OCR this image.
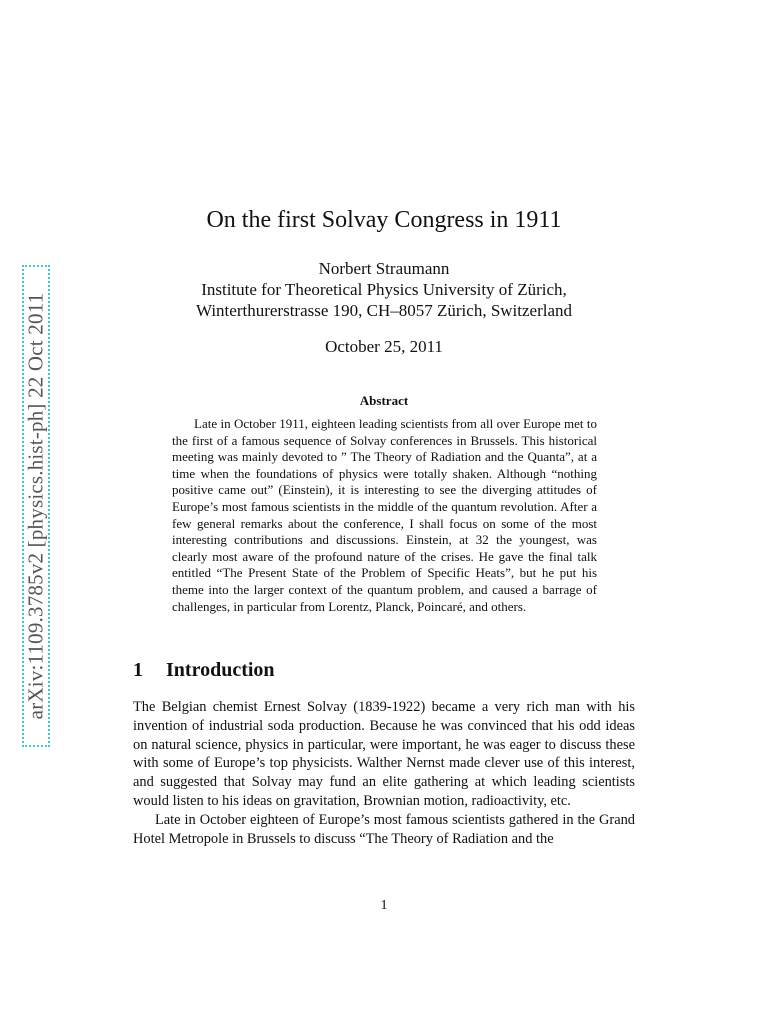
arXiv:1109.3785v2 [physics.hist-ph] 22 Oct 2011
On the first Solvay Congress in 1911
Norbert Straumann
Institute for Theoretical Physics University of Zürich,
Winterthurerstrasse 190, CH–8057 Zürich, Switzerland
October 25, 2011
Abstract
Late in October 1911, eighteen leading scientists from all over Europe met to the first of a famous sequence of Solvay conferences in Brussels. This historical meeting was mainly devoted to ” The Theory of Radiation and the Quanta”, at a time when the foundations of physics were totally shaken. Although “nothing positive came out” (Einstein), it is interesting to see the diverging attitudes of Europe’s most famous scientists in the middle of the quantum revolution. After a few general remarks about the conference, I shall focus on some of the most interesting contributions and discussions. Einstein, at 32 the youngest, was clearly most aware of the profound nature of the crises. He gave the final talk entitled “The Present State of the Problem of Specific Heats”, but he put his theme into the larger context of the quantum problem, and caused a barrage of challenges, in particular from Lorentz, Planck, Poincaré, and others.
1 Introduction

The Belgian chemist Ernest Solvay (1839-1922) became a very rich man with his invention of industrial soda production. Because he was convinced that his odd ideas on natural science, physics in particular, were important, he was eager to discuss these with some of Europe’s top physicists. Walther Nernst made clever use of this interest, and suggested that Solvay may fund an elite gathering at which leading scientists would listen to his ideas on gravitation, Brownian motion, radioactivity, etc.

Late in October eighteen of Europe’s most famous scientists gathered in the Grand Hotel Metropole in Brussels to discuss “The Theory of Radiation and the

1
